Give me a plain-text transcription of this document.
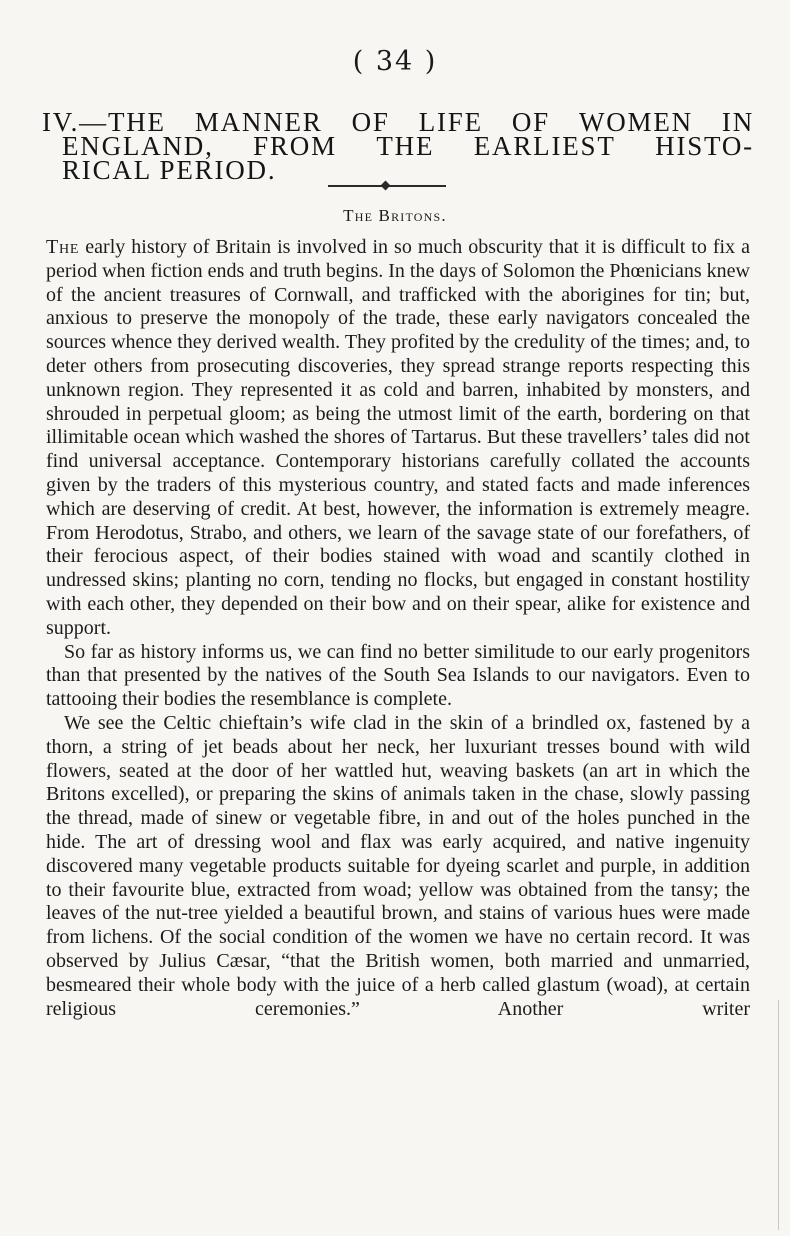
( 34 )
IV.—THE MANNER OF LIFE OF WOMEN IN
ENGLAND, FROM THE EARLIEST HISTO-
RICAL PERIOD.
The Britons.

The early history of Britain is involved in so much obscurity that it is difficult to fix a period when fiction ends and truth begins. In the days of Solomon the Phœnicians knew of the ancient treasures of Cornwall, and trafficked with the aborigines for tin; but, anxious to preserve the monopoly of the trade, these early navigators concealed the sources whence they derived wealth. They profited by the credulity of the times; and, to deter others from prosecuting discoveries, they spread strange reports respecting this unknown region. They represented it as cold and barren, inhabited by monsters, and shrouded in perpetual gloom; as being the utmost limit of the earth, bordering on that illimitable ocean which washed the shores of Tartarus. But these travellers’ tales did not find universal acceptance. Contemporary historians carefully collated the accounts given by the traders of this mysterious country, and stated facts and made inferences which are deserving of credit. At best, however, the information is extremely meagre. From Herodotus, Strabo, and others, we learn of the savage state of our forefathers, of their ferocious aspect, of their bodies stained with woad and scantily clothed in undressed skins; planting no corn, tending no flocks, but engaged in constant hostility with each other, they depended on their bow and on their spear, alike for existence and support.

So far as history informs us, we can find no better similitude to our early progenitors than that presented by the natives of the South Sea Islands to our navigators. Even to tattooing their bodies the resemblance is complete.

We see the Celtic chieftain’s wife clad in the skin of a brindled ox, fastened by a thorn, a string of jet beads about her neck, her luxuriant tresses bound with wild flowers, seated at the door of her wattled hut, weaving baskets (an art in which the Britons excelled), or preparing the skins of animals taken in the chase, slowly passing the thread, made of sinew or vegetable fibre, in and out of the holes punched in the hide. The art of dressing wool and flax was early acquired, and native ingenuity discovered many vegetable products suitable for dyeing scarlet and purple, in addition to their favourite blue, extracted from woad; yellow was obtained from the tansy; the leaves of the nut-tree yielded a beautiful brown, and stains of various hues were made from lichens. Of the social condition of the women we have no certain record. It was observed by Julius Cæsar, “that the British women, both married and unmarried, besmeared their whole body with the juice of a herb called glastum (woad), at certain religious ceremonies.” Another writer
